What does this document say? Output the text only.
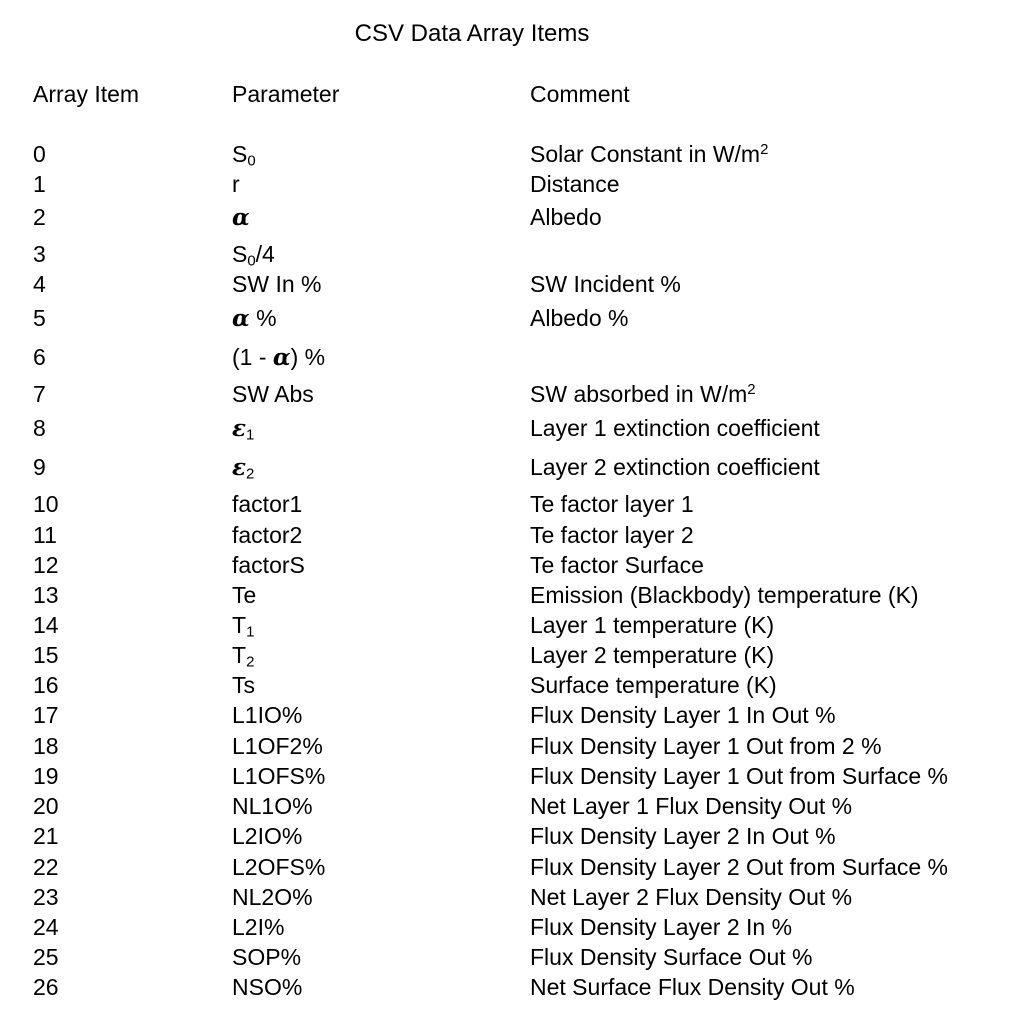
CSV Data Array Items
Array Item	Parameter	Comment
0	$S_0$	Solar Constant in $W/m^2$
1	r	Distance
2	α	Albedo
3	$S_0/4$
4	SW In %	SW Incident %
5	α %	Albedo %
6	(1 - α) %
7	SW Abs	SW absorbed in $W/m^2$
8	$\varepsilon_1$	Layer 1 extinction coefficient
9	$\varepsilon_2$	Layer 2 extinction coefficient
10	factor1	Te factor layer 1
11	factor2	Te factor layer 2
12	factorS	Te factor Surface
13	Te	Emission (Blackbody) temperature (K)
14	$T_1$	Layer 1 temperature (K)
15	$T_2$	Layer 2 temperature (K)
16	Ts	Surface temperature (K)
17	L1IO%	Flux Density Layer 1 In Out %
18	L1OF2%	Flux Density Layer 1 Out from 2 %
19	L1OFS%	Flux Density Layer 1 Out from Surface %
20	NL1O%	Net Layer 1 Flux Density Out %
21	L2IO%	Flux Density Layer 2 In Out %
22	L2OFS%	Flux Density Layer 2 Out from Surface %
23	NL2O%	Net Layer 2 Flux Density Out %
24	L2I%	Flux Density Layer 2 In %
25	SOP%	Flux Density Surface Out %
26	NSO%	Net Surface Flux Density Out %
